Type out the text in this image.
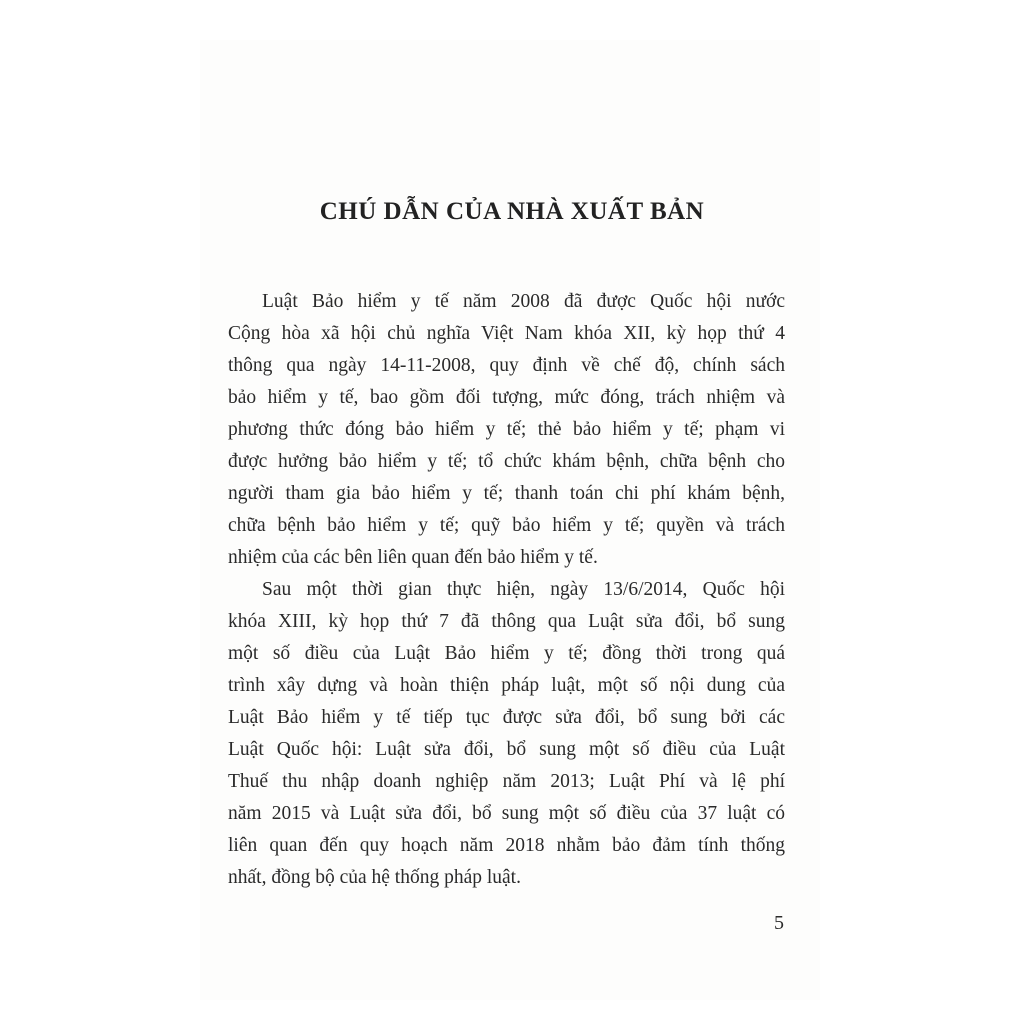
CHÚ DẪN CỦA NHÀ XUẤT BẢN
Luật Bảo hiểm y tế năm 2008 đã được Quốc hội nước
Cộng hòa xã hội chủ nghĩa Việt Nam khóa XII, kỳ họp thứ 4
thông qua ngày 14-11-2008, quy định về chế độ, chính sách
bảo hiểm y tế, bao gồm đối tượng, mức đóng, trách nhiệm và
phương thức đóng bảo hiểm y tế; thẻ bảo hiểm y tế; phạm vi
được hưởng bảo hiểm y tế; tổ chức khám bệnh, chữa bệnh cho
người tham gia bảo hiểm y tế; thanh toán chi phí khám bệnh,
chữa bệnh bảo hiểm y tế; quỹ bảo hiểm y tế; quyền và trách
nhiệm của các bên liên quan đến bảo hiểm y tế.
Sau một thời gian thực hiện, ngày 13/6/2014, Quốc hội
khóa XIII, kỳ họp thứ 7 đã thông qua Luật sửa đổi, bổ sung
một số điều của Luật Bảo hiểm y tế; đồng thời trong quá
trình xây dựng và hoàn thiện pháp luật, một số nội dung của
Luật Bảo hiểm y tế tiếp tục được sửa đổi, bổ sung bởi các
Luật Quốc hội: Luật sửa đổi, bổ sung một số điều của Luật
Thuế thu nhập doanh nghiệp năm 2013; Luật Phí và lệ phí
năm 2015 và Luật sửa đổi, bổ sung một số điều của 37 luật có
liên quan đến quy hoạch năm 2018 nhằm bảo đảm tính thống
nhất, đồng bộ của hệ thống pháp luật.
5
